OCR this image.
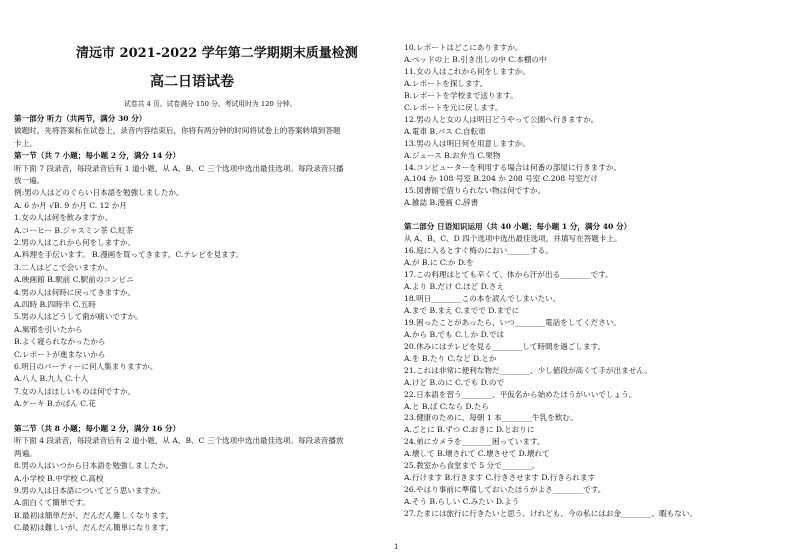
清远市 2021-2022 学年第二学期期末质量检测
高二日语试卷
试卷共 4 页。试卷满分 150 分。考试用时为 120 分钟。
第一部分 听力（共两节，满分 30 分）
做题时，先将答案标在试卷上，录音内容结束后，你将有两分钟的时间将试卷上的答案转填到答题
卡上。
第一节（共 7 小题；每小题 2 分，满分 14 分）
听下面 7 段录音，每段录音后有 1 道小题，从 A、B、C 三个选项中选出最佳选项。每段录音只播
放一遍。
例:男の人はどのぐらい日本語を勉強しましたか。
A. 6 か月 √B. 9 か月 C. 12 か月
1.女の人は何を飲みますか。
A.コーヒー B.ジャスミン茶 C.紅茶
2.男の人はこれから何をしますか。
A.料理を手伝います。 B.漫画を買ってきます。C.テレビを見ます。
3.二人はどこで会いますか。
A.映画館 B.駅前 C.駅前のコンビニ
4.男の人は何時に戻ってきますか。
A.四時 B.四時半 C.五時
5.男の人はどうして歯が痛いですか。
A.風邪を引いたから
B.よく寝られなかったから
C.レポートが進まないから
6.明日のパーティーに何人集まりますか。
A.八人 B.九人 C.十人
7.女の人はほしいものは何ですか。
A.ケーキ B.かばん C.花
第二节（共 8 小题；每小题 2 分，满分 16 分）
听下面 4 段录音，每段录音后有 2 道小题，从 A、B、C 三个选项中选出最佳选项。每段录音播放
两遍。
8.男の人はいつから日本語を勉強しましたか。
A.小学校 B.中学校 C.高校
9.男の人は日本語についてどう思いますか。
A.面白くて簡単です。
B.最初は簡単だが、だんだん難しくなります。
C.最初は難しいが、だんだん簡単になります。
10.レポートはどこにありますか。
A.ベッドの上 B.引き出しの中 C.本棚の中
11.女の人はこれから何をしますか。
A.レポートを探します。
B.レポートを学校まで送ります。
C.レポートを元に戻します。
12.男の人と女の人は明日どうやって公園へ行きますか。
A.電車 B.バス C.自転車
13.男の人は明日何を用意しますか。
A.ジュース B.お弁当 C.果物
14.コンピューターを利用する場合は何番の部屋に行きますか。
A.104 か 108 号室 B.204 か 208 号室 C.208 号室だけ
15.図書館で借りられない物は何ですか。
A.雑誌 B.漫画 C.辞書
第二部分 日语知识运用（共 40 小题；每小题 1 分，满分 40 分）
从 A、B、C、D 四个选项中选出最佳选项，并填写在答题卡上。
16.庭に入るとすぐ梅のにおい______する。
A.が B.に C.か D.を
17.この料理はとても辛くて、体から汗が出る________です。
A.より B.だけ C.ほど D.さえ
18.明日________この本を読んでしまいたい。
A.まで B.まえ C.までで D.までに
19.困ったことがあったら、いつ________電話をしてください。
A.から B.でも C.しか D.では
20.休みにはテレビを見る________して時間を過ごします。
A.を B.たり C.など D.とか
21.これは非常に便利な物だ________、少し値段が高くて手が出ません。
A.けど B.のに C.でも D.ので
22.日本語を習う________、平仮名から始めたほうがいいでしょう。
A.と B.ば C.なら D.たら
23.健康のために、毎朝 1 本________牛乳を飲む。
A.ごとに B.ずつ C.おきに D.とおりに
24.弟にカメラを________困っています。
A.壊して B.壊されて C.壊させて D.壊れて
25.教室から食堂まで 5 分で________。
A.行けます B.行きます C.行きさせます D.行きられます
26.やはり事前に準備しておいたほうがよさ________です。
A.そう B.らしい C.みたい D.よう
27.たまには旅行に行きたいと思う。けれども、今の私にはお金________、暇もない。
1
